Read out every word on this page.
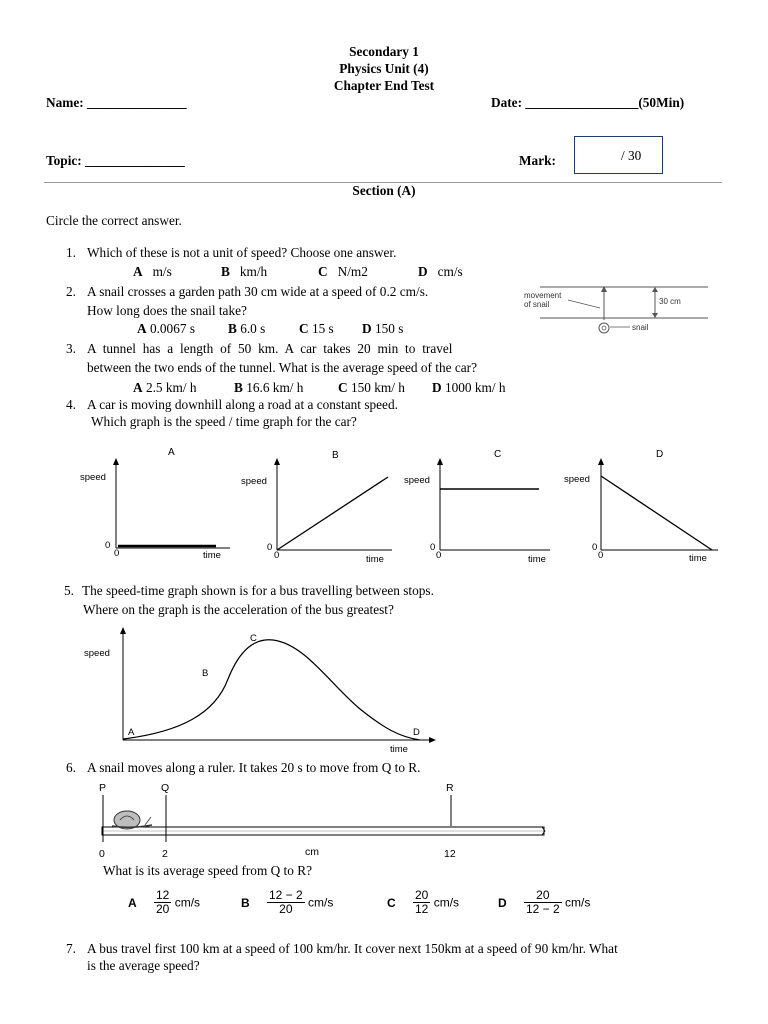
Secondary 1
Physics Unit (4)
Chapter End Test
Name: _______________	Date: _________________(50Min)
Topic: _______________	Mark:	/ 30
Section (A)
Circle the correct answer.
1. Which of these is not a unit of speed? Choose one answer.
A m/s	B km/h	C N/m2	D cm/s
2. A snail crosses a garden path 30 cm wide at a speed of 0.2 cm/s.
How long does the snail take?
A 0.0067 s B 6.0 s	C 15 s D 150 s
movement
of snail	30 cm
snail
3. A tunnel has a length of 50 km. A car takes 20 min to travel
between the two ends of the tunnel. What is the average speed of the car?
A 2.5 km/ h	B 16.6 km/ h	C 150 km/ h D 1000 km/ h
4. A car is moving downhill along a road at a constant speed.
Which graph is the speed / time graph for the car?
A
speed
0
0	time
B
speed
0
0	time
C
speed
0
0	time
D
speed
0
0	time
5. The speed-time graph shown is for a bus travelling between stops.
Where on the graph is the acceleration of the bus greatest?
speed
time
A
B
C
D
6. A snail moves along a ruler. It takes 20 s to move from Q to R.
P	Q	R
0	2	cm	12
What is its average speed from Q to R?
A $\frac{12}{20} cm/s$	B $\frac{12 - 2}{20} cm/s$	C $\frac{20}{12} cm/s$	D $\frac{20}{12 - 2} cm/s$
7. A bus travel first 100 km at a speed of 100 km/hr. It cover next 150km at a speed of 90 km/hr. What
is the average speed?
